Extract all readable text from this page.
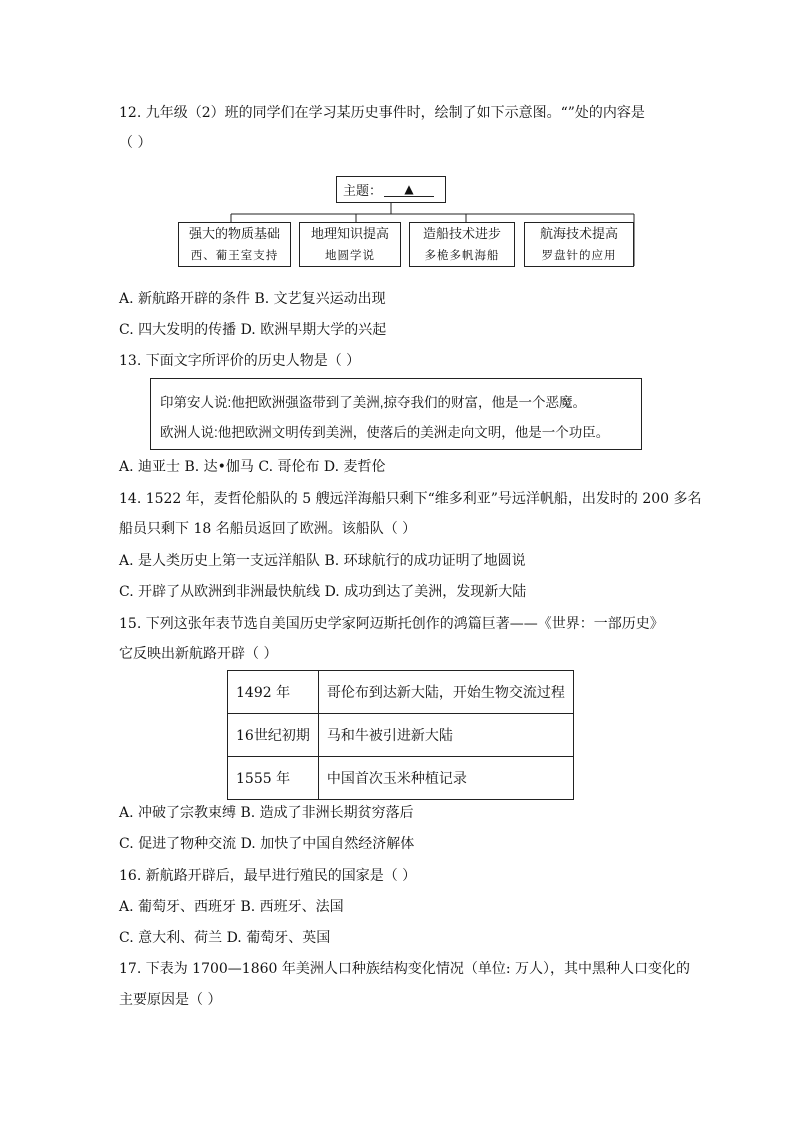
12. 九年级（2）班的同学们在学习某历史事件时，绘制了如下示意图。“”处的内容是
（ ）
主题：	▲
强大的物质基础
西、葡王室支持
地理知识提高
地圆学说
造船技术进步
多桅多帆海船
航海技术提高
罗盘针的应用
A. 新航路开辟的条件 B. 文艺复兴运动出现
C. 四大发明的传播 D. 欧洲早期大学的兴起
13. 下面文字所评价的历史人物是（ ）
印第安人说:他把欧洲强盗带到了美洲,掠夺我们的财富，他是一个恶魔。
欧洲人说:他把欧洲文明传到美洲，使落后的美洲走向文明，他是一个功臣。
A. 迪亚士 B. 达•伽马 C. 哥伦布 D. 麦哲伦
14. 1522 年，麦哲伦船队的 5 艘远洋海船只剩下“维多利亚”号远洋帆船，出发时的 200 多名
船员只剩下 18 名船员返回了欧洲。该船队（ ）
A. 是人类历史上第一支远洋船队 B. 环球航行的成功证明了地圆说
C. 开辟了从欧洲到非洲最快航线 D. 成功到达了美洲，发现新大陆
15. 下列这张年表节选自美国历史学家阿迈斯托创作的鸿篇巨著——《世界：一部历史》
它反映出新航路开辟（ ）
1492 年	哥伦布到达新大陆，开始生物交流过程
16世纪初期	马和牛被引进新大陆
1555 年	中国首次玉米种植记录
A. 冲破了宗教束缚 B. 造成了非洲长期贫穷落后
C. 促进了物种交流 D. 加快了中国自然经济解体
16. 新航路开辟后，最早进行殖民的国家是（ ）
A. 葡萄牙、西班牙 B. 西班牙、法国
C. 意大利、荷兰 D. 葡萄牙、英国
17. 下表为 1700—1860 年美洲人口种族结构变化情况（单位: 万人），其中黑种人口变化的
主要原因是（ ）
